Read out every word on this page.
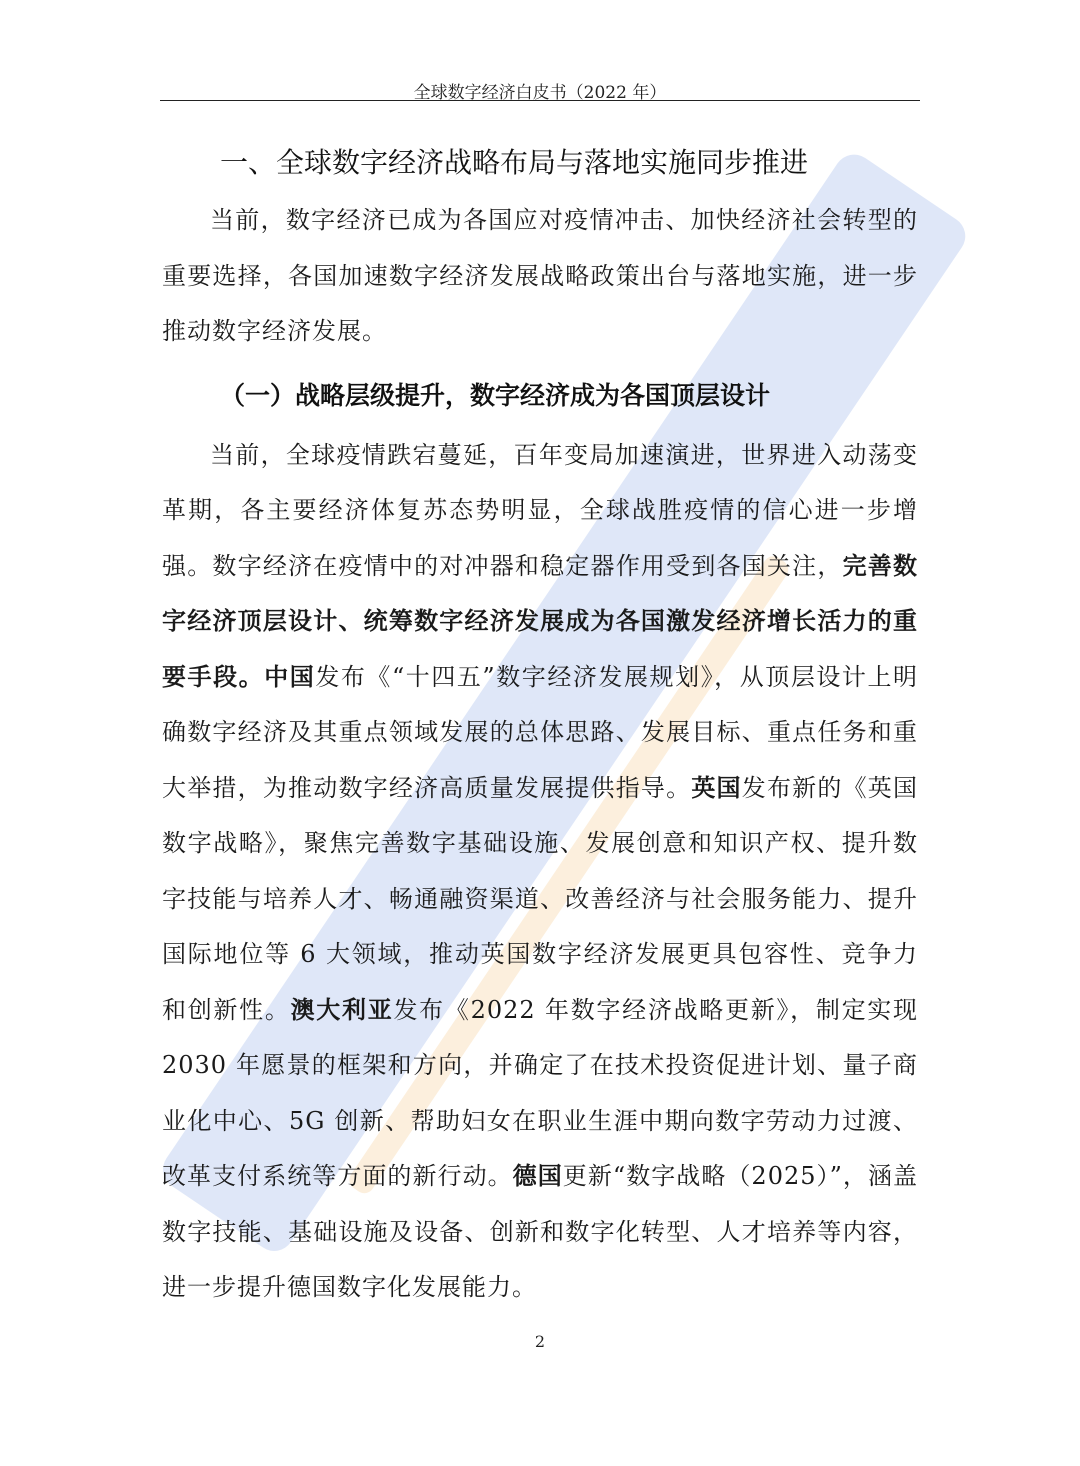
全球数字经济白皮书（2022 年）
一、全球数字经济战略布局与落地实施同步推进

当前，数字经济已成为各国应对疫情冲击、加快经济社会转型的重要选择，各国加速数字经济发展战略政策出台与落地实施，进一步推动数字经济发展。

（一）战略层级提升，数字经济成为各国顶层设计

当前，全球疫情跌宕蔓延，百年变局加速演进，世界进入动荡变革期，各主要经济体复苏态势明显，全球战胜疫情的信心进一步增强。数字经济在疫情中的对冲器和稳定器作用受到各国关注，完善数字经济顶层设计、统筹数字经济发展成为各国激发经济增长活力的重要手段。中国发布《“十四五”数字经济发展规划》，从顶层设计上明确数字经济及其重点领域发展的总体思路、发展目标、重点任务和重大举措，为推动数字经济高质量发展提供指导。英国发布新的《英国数字战略》，聚焦完善数字基础设施、发展创意和知识产权、提升数字技能与培养人才、畅通融资渠道、改善经济与社会服务能力、提升国际地位等 6 大领域，推动英国数字经济发展更具包容性、竞争力和创新性。澳大利亚发布《2022 年数字经济战略更新》，制定实现 2030 年愿景的框架和方向，并确定了在技术投资促进计划、量子商业化中心、5G 创新、帮助妇女在职业生涯中期向数字劳动力过渡、改革支付系统等方面的新行动。德国更新“数字战略（2025）”，涵盖数字技能、基础设施及设备、创新和数字化转型、人才培养等内容，进一步提升德国数字化发展能力。

2
